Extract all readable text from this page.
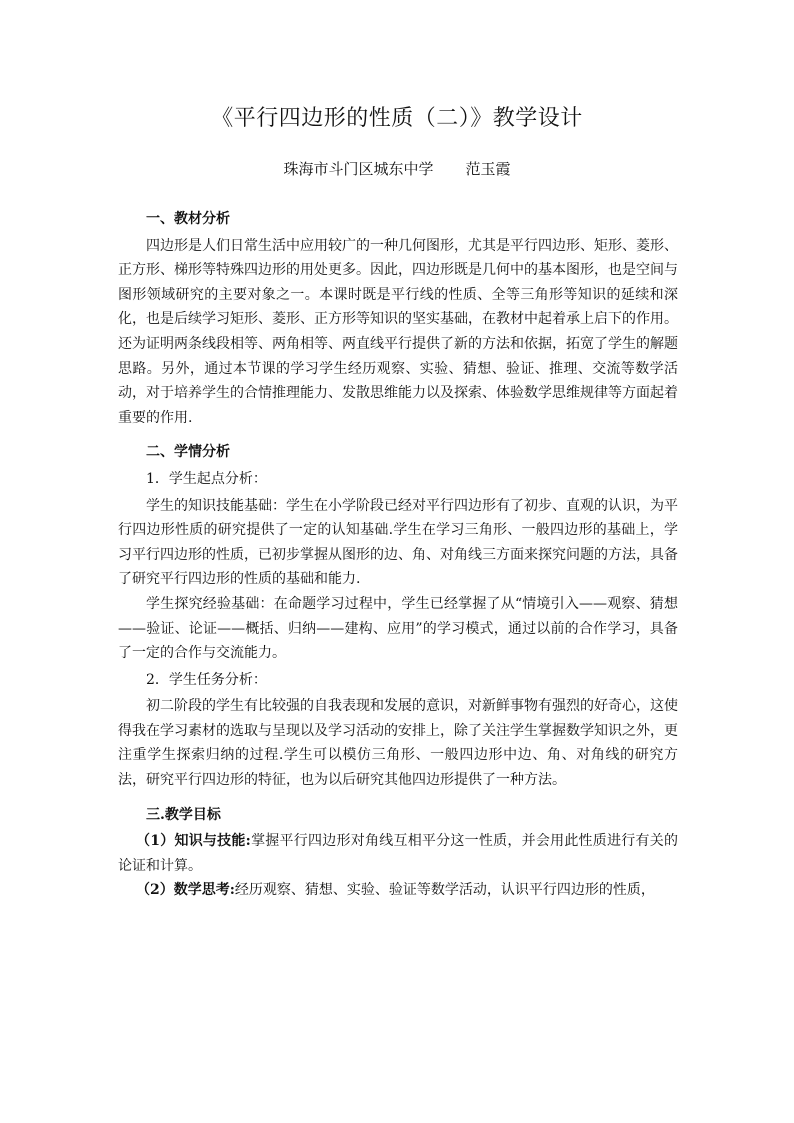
《平行四边形的性质（二）》教学设计
珠海市斗门区城东中学 范玉霞

一、教材分析

四边形是人们日常生活中应用较广的一种几何图形，尤其是平行四边形、矩形、菱形、正方形、梯形等特殊四边形的用处更多。因此，四边形既是几何中的基本图形，也是空间与图形领域研究的主要对象之一。本课时既是平行线的性质、全等三角形等知识的延续和深化，也是后续学习矩形、菱形、正方形等知识的坚实基础，在教材中起着承上启下的作用。还为证明两条线段相等、两角相等、两直线平行提供了新的方法和依据，拓宽了学生的解题思路。另外，通过本节课的学习学生经历观察、实验、猜想、验证、推理、交流等数学活动，对于培养学生的合情推理能力、发散思维能力以及探索、体验数学思维规律等方面起着重要的作用.

二、学情分析

1．学生起点分析：

学生的知识技能基础：学生在小学阶段已经对平行四边形有了初步、直观的认识，为平行四边形性质的研究提供了一定的认知基础.学生在学习三角形、一般四边形的基础上，学习平行四边形的性质，已初步掌握从图形的边、角、对角线三方面来探究问题的方法，具备了研究平行四边形的性质的基础和能力.

学生探究经验基础：在命题学习过程中，学生已经掌握了从“情境引入——观察、猜想——验证、论证——概括、归纳——建构、应用”的学习模式，通过以前的合作学习，具备了一定的合作与交流能力。

2．学生任务分析：

初二阶段的学生有比较强的自我表现和发展的意识，对新鲜事物有强烈的好奇心，这使得我在学习素材的选取与呈现以及学习活动的安排上，除了关注学生掌握数学知识之外，更注重学生探索归纳的过程.学生可以模仿三角形、一般四边形中边、角、对角线的研究方法，研究平行四边形的特征，也为以后研究其他四边形提供了一种方法。

三.教学目标

（1）知识与技能:掌握平行四边形对角线互相平分这一性质，并会用此性质进行有关的论证和计算。

（2）数学思考:经历观察、猜想、实验、验证等数学活动，认识平行四边形的性质，
